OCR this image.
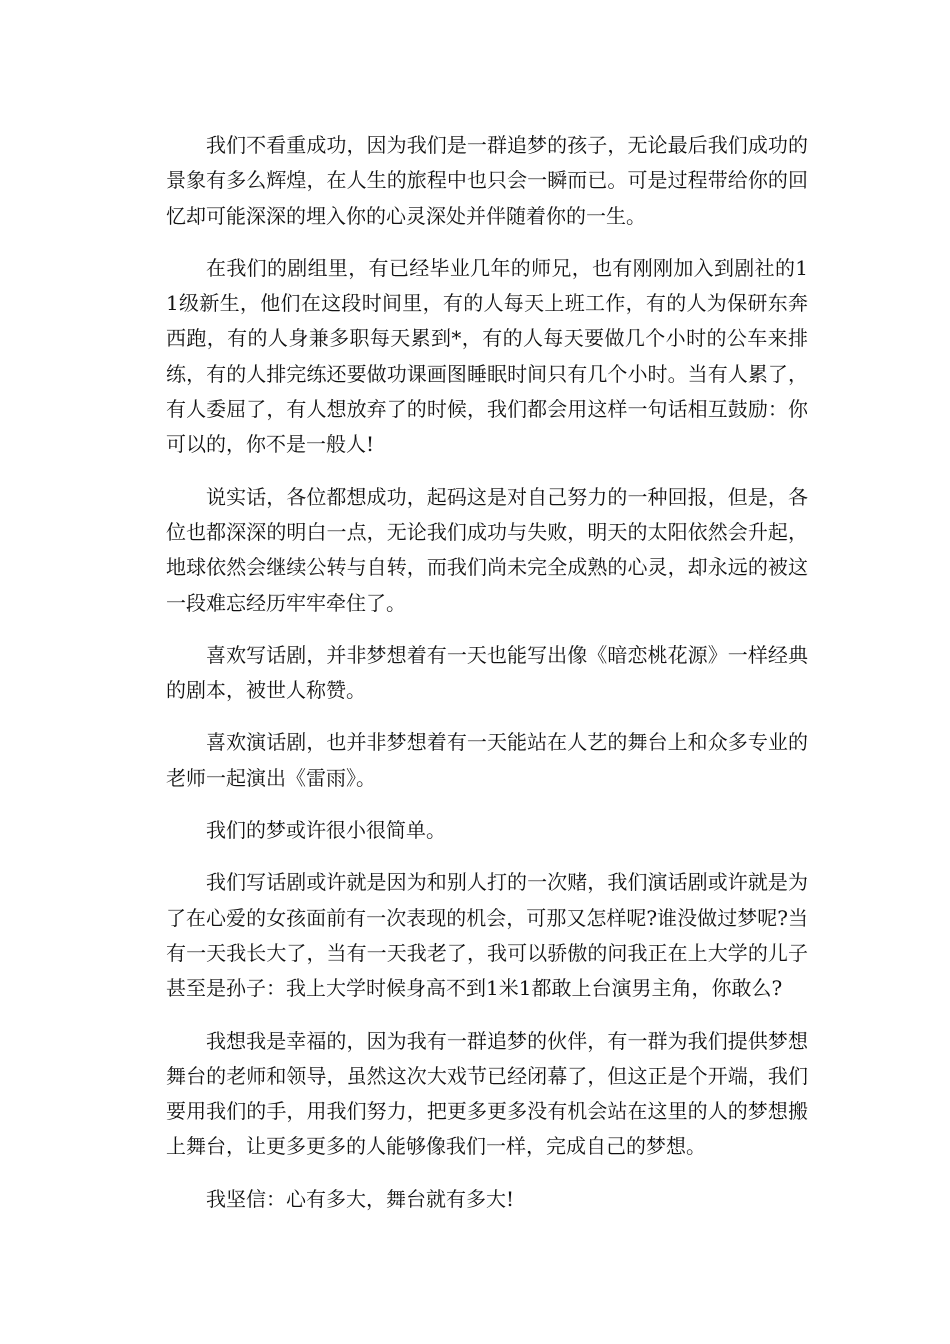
我们不看重成功，因为我们是一群追梦的孩子，无论最后我们成功的景象有多么辉煌，在人生的旅程中也只会一瞬而已。可是过程带给你的回忆却可能深深的埋入你的心灵深处并伴随着你的一生。

在我们的剧组里，有已经毕业几年的师兄，也有刚刚加入到剧社的11级新生，他们在这段时间里，有的人每天上班工作，有的人为保研东奔西跑，有的人身兼多职每天累到*，有的人每天要做几个小时的公车来排练，有的人排完练还要做功课画图睡眠时间只有几个小时。当有人累了，有人委屈了，有人想放弃了的时候，我们都会用这样一句话相互鼓励：你可以的，你不是一般人!

说实话，各位都想成功，起码这是对自己努力的一种回报，但是，各位也都深深的明白一点，无论我们成功与失败，明天的太阳依然会升起，地球依然会继续公转与自转，而我们尚未完全成熟的心灵，却永远的被这一段难忘经历牢牢牵住了。

喜欢写话剧，并非梦想着有一天也能写出像《暗恋桃花源》一样经典的剧本，被世人称赞。

喜欢演话剧，也并非梦想着有一天能站在人艺的舞台上和众多专业的老师一起演出《雷雨》。

我们的梦或许很小很简单。

我们写话剧或许就是因为和别人打的一次赌，我们演话剧或许就是为了在心爱的女孩面前有一次表现的机会，可那又怎样呢?谁没做过梦呢?当有一天我长大了，当有一天我老了，我可以骄傲的问我正在上大学的儿子甚至是孙子：我上大学时候身高不到1米1都敢上台演男主角，你敢么?

我想我是幸福的，因为我有一群追梦的伙伴，有一群为我们提供梦想舞台的老师和领导，虽然这次大戏节已经闭幕了，但这正是个开端，我们要用我们的手，用我们努力，把更多更多没有机会站在这里的人的梦想搬上舞台，让更多更多的人能够像我们一样，完成自己的梦想。

我坚信：心有多大，舞台就有多大!
